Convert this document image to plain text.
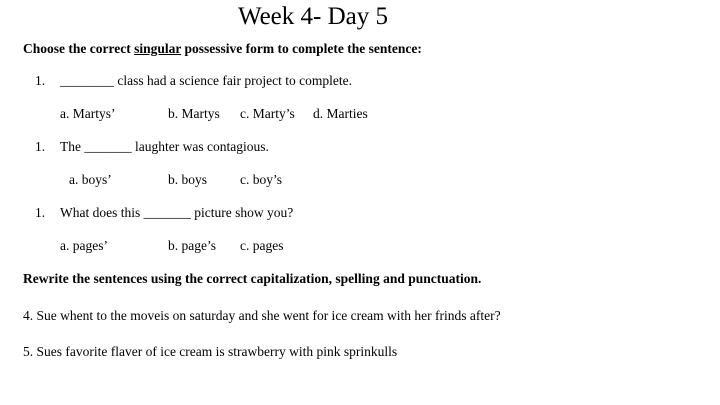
Week 4- Day 5
Choose the correct singular possessive form to complete the sentence:
1. ________ class had a science fair project to complete.
a. Martys’	b. Martys c. Marty’s d. Marties
1. The _______ laughter was contagious.
a. boys’	b. boys c. boy’s
1. What does this _______ picture show you?
a. pages’	b. page’s c. pages
Rewrite the sentences using the correct capitalization, spelling and punctuation.
4. Sue whent to the moveis on saturday and she went for ice cream with her frinds after?
5. Sues favorite flaver of ice cream is strawberry with pink sprinkulls
